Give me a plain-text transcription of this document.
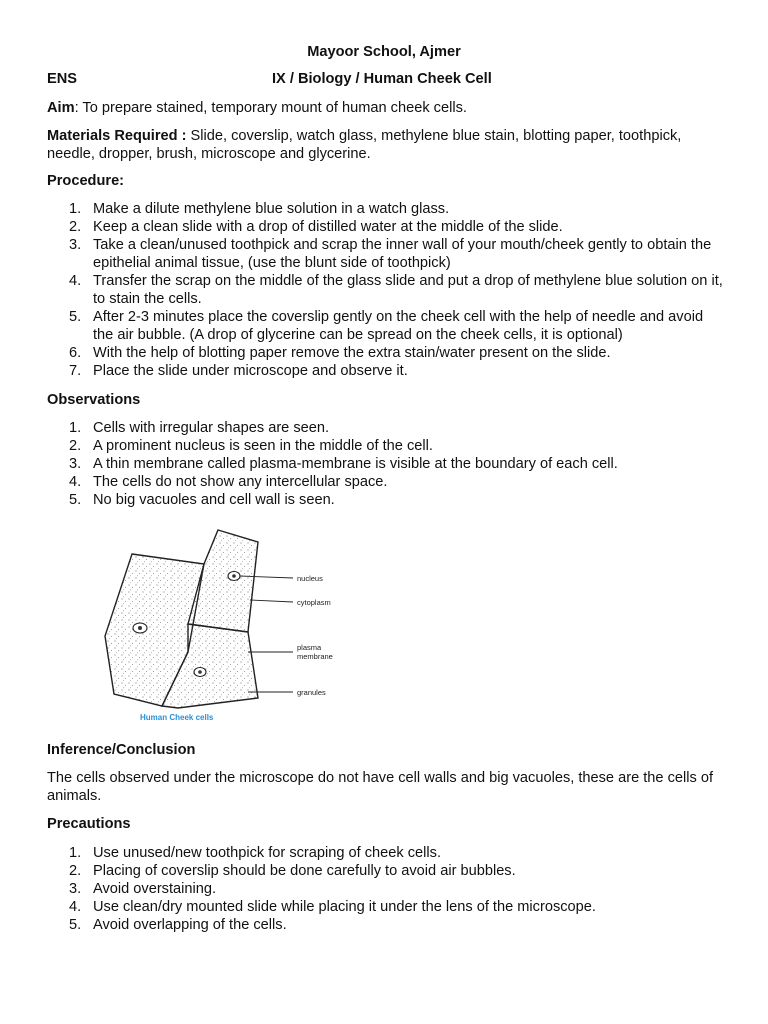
Mayoor School, Ajmer
ENS	IX / Biology / Human Cheek Cell
Aim: To prepare stained, temporary mount of human cheek cells.
Materials Required : Slide, coverslip, watch glass, methylene blue stain, blotting paper, toothpick, needle, dropper, brush, microscope and glycerine.
Procedure:
1. Make a dilute methylene blue solution in a watch glass.
2. Keep a clean slide with a drop of distilled water at the middle of the slide.
3. Take a clean/unused toothpick and scrap the inner wall of your mouth/cheek gently to obtain the epithelial animal tissue, (use the blunt side of toothpick)
4. Transfer the scrap on the middle of the glass slide and put a drop of methylene blue solution on it, to stain the cells.
5. After 2-3 minutes place the coverslip gently on the cheek cell with the help of needle and avoid the air bubble. (A drop of glycerine can be spread on the cheek cells, it is optional)
6. With the help of blotting paper remove the extra stain/water present on the slide.
7. Place the slide under microscope and observe it.
Observations
1. Cells with irregular shapes are seen.
2. A prominent nucleus is seen in the middle of the cell.
3. A thin membrane called plasma-membrane is visible at the boundary of each cell.
4. The cells do not show any intercellular space.
5. No big vacuoles and cell wall is seen.
nucleus
cytoplasm
plasma
membrane
granules
Human Cheek cells
Inference/Conclusion
The cells observed under the microscope do not have cell walls and big vacuoles, these are the cells of animals.
Precautions
1. Use unused/new toothpick for scraping of cheek cells.
2. Placing of coverslip should be done carefully to avoid air bubbles.
3. Avoid overstaining.
4. Use clean/dry mounted slide while placing it under the lens of the microscope.
5. Avoid overlapping of the cells.
